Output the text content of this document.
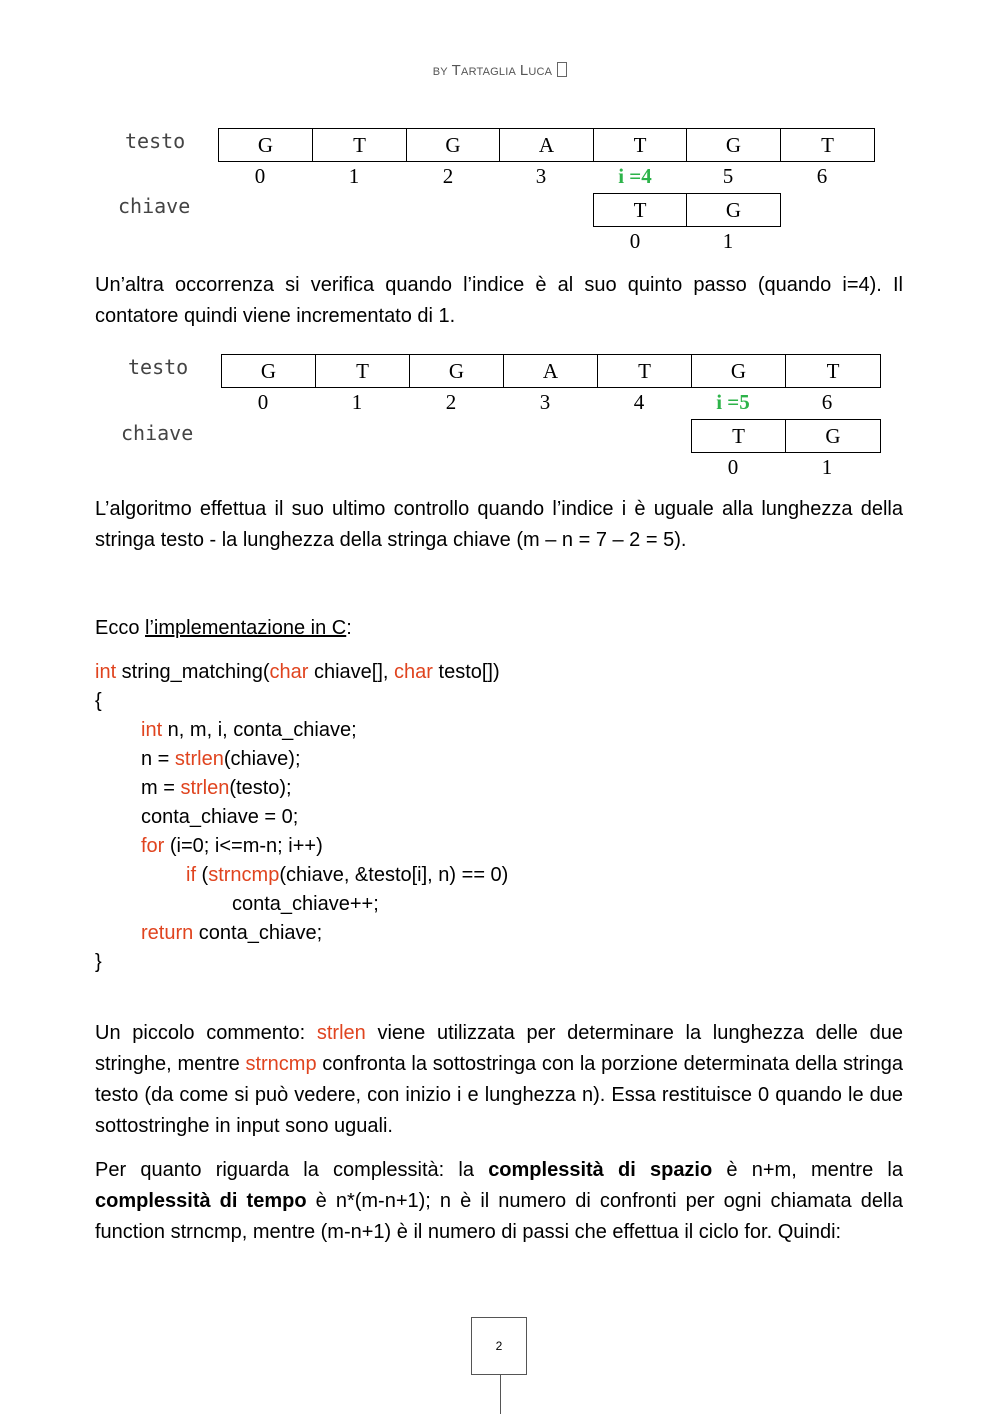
BY TARTAGLIA LUCA
testo
chiave
G	T	G	A	T	G	T
0	1	2	3	i =4	5	6
T	G
0	1
Un’altra occorrenza si verifica quando l’indice è al suo quinto passo (quando i=4). Il contatore quindi viene incrementato di 1.
testo
chiave
G	T	G	A	T	G	T
0	1	2	3	4	i =5	6
T	G
0	1
L’algoritmo effettua il suo ultimo controllo quando l’indice i è uguale alla lunghezza della stringa testo - la lunghezza della stringa chiave (m – n = 7 – 2 = 5).
Ecco l’implementazione in C:
int string_matching(char chiave[], char testo[])
{
int n, m, i, conta_chiave;
n = strlen(chiave);
m = strlen(testo);
conta_chiave = 0;
for (i=0; i<=m-n; i++)
if (strncmp(chiave, &testo[i], n) == 0)
conta_chiave++;
return conta_chiave;
}
Un piccolo commento: strlen viene utilizzata per determinare la lunghezza delle due stringhe, mentre strncmp confronta la sottostringa con la porzione determinata della stringa testo (da come si può vedere, con inizio i e lunghezza n). Essa restituisce 0 quando le due sottostringhe in input sono uguali.
Per quanto riguarda la complessità: la complessità di spazio è n+m, mentre la complessità di tempo è n*(m-n+1); n è il numero di confronti per ogni chiamata della function strncmp, mentre (m-n+1) è il numero di passi che effettua il ciclo for. Quindi:
2
